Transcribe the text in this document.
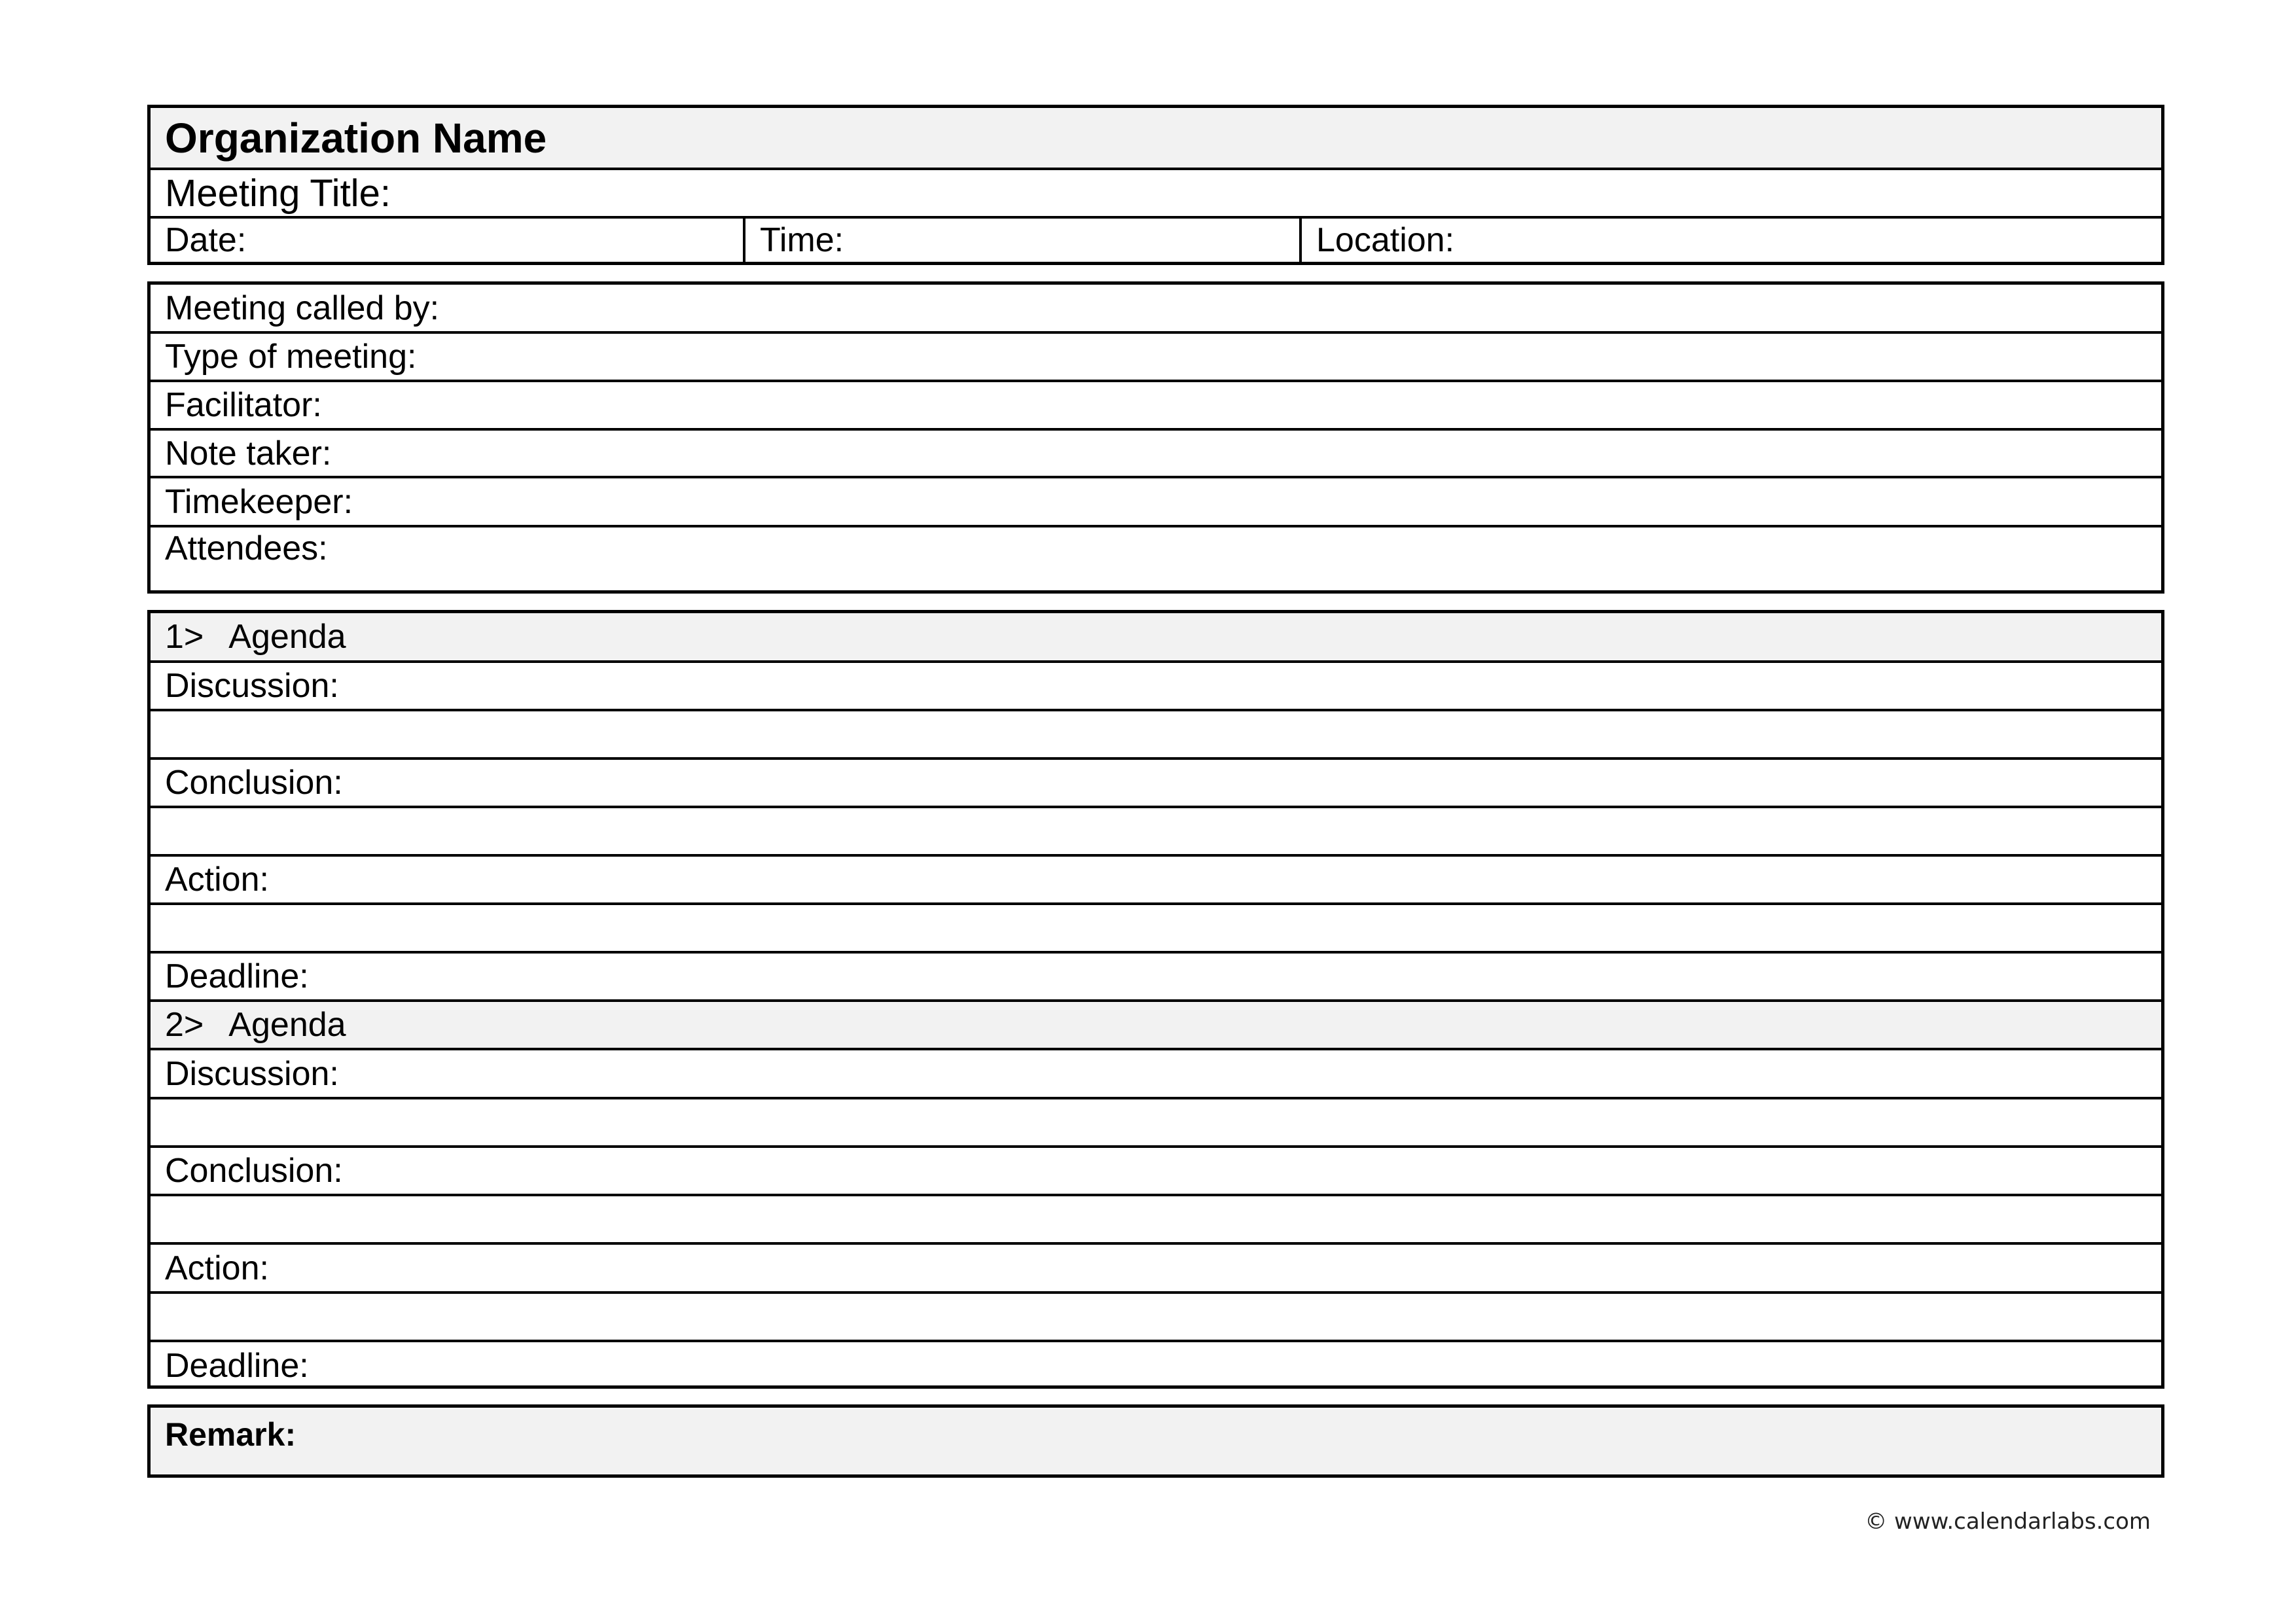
Organization Name
Meeting Title:
Date:	Time:	Location:
Meeting called by:
Type of meeting:
Facilitator:
Note taker:
Timekeeper:
Attendees:
1> Agenda
Discussion:
Conclusion:
Action:
Deadline:
2> Agenda
Discussion:
Conclusion:
Action:
Deadline:
Remark:
© www.calendarlabs.com
